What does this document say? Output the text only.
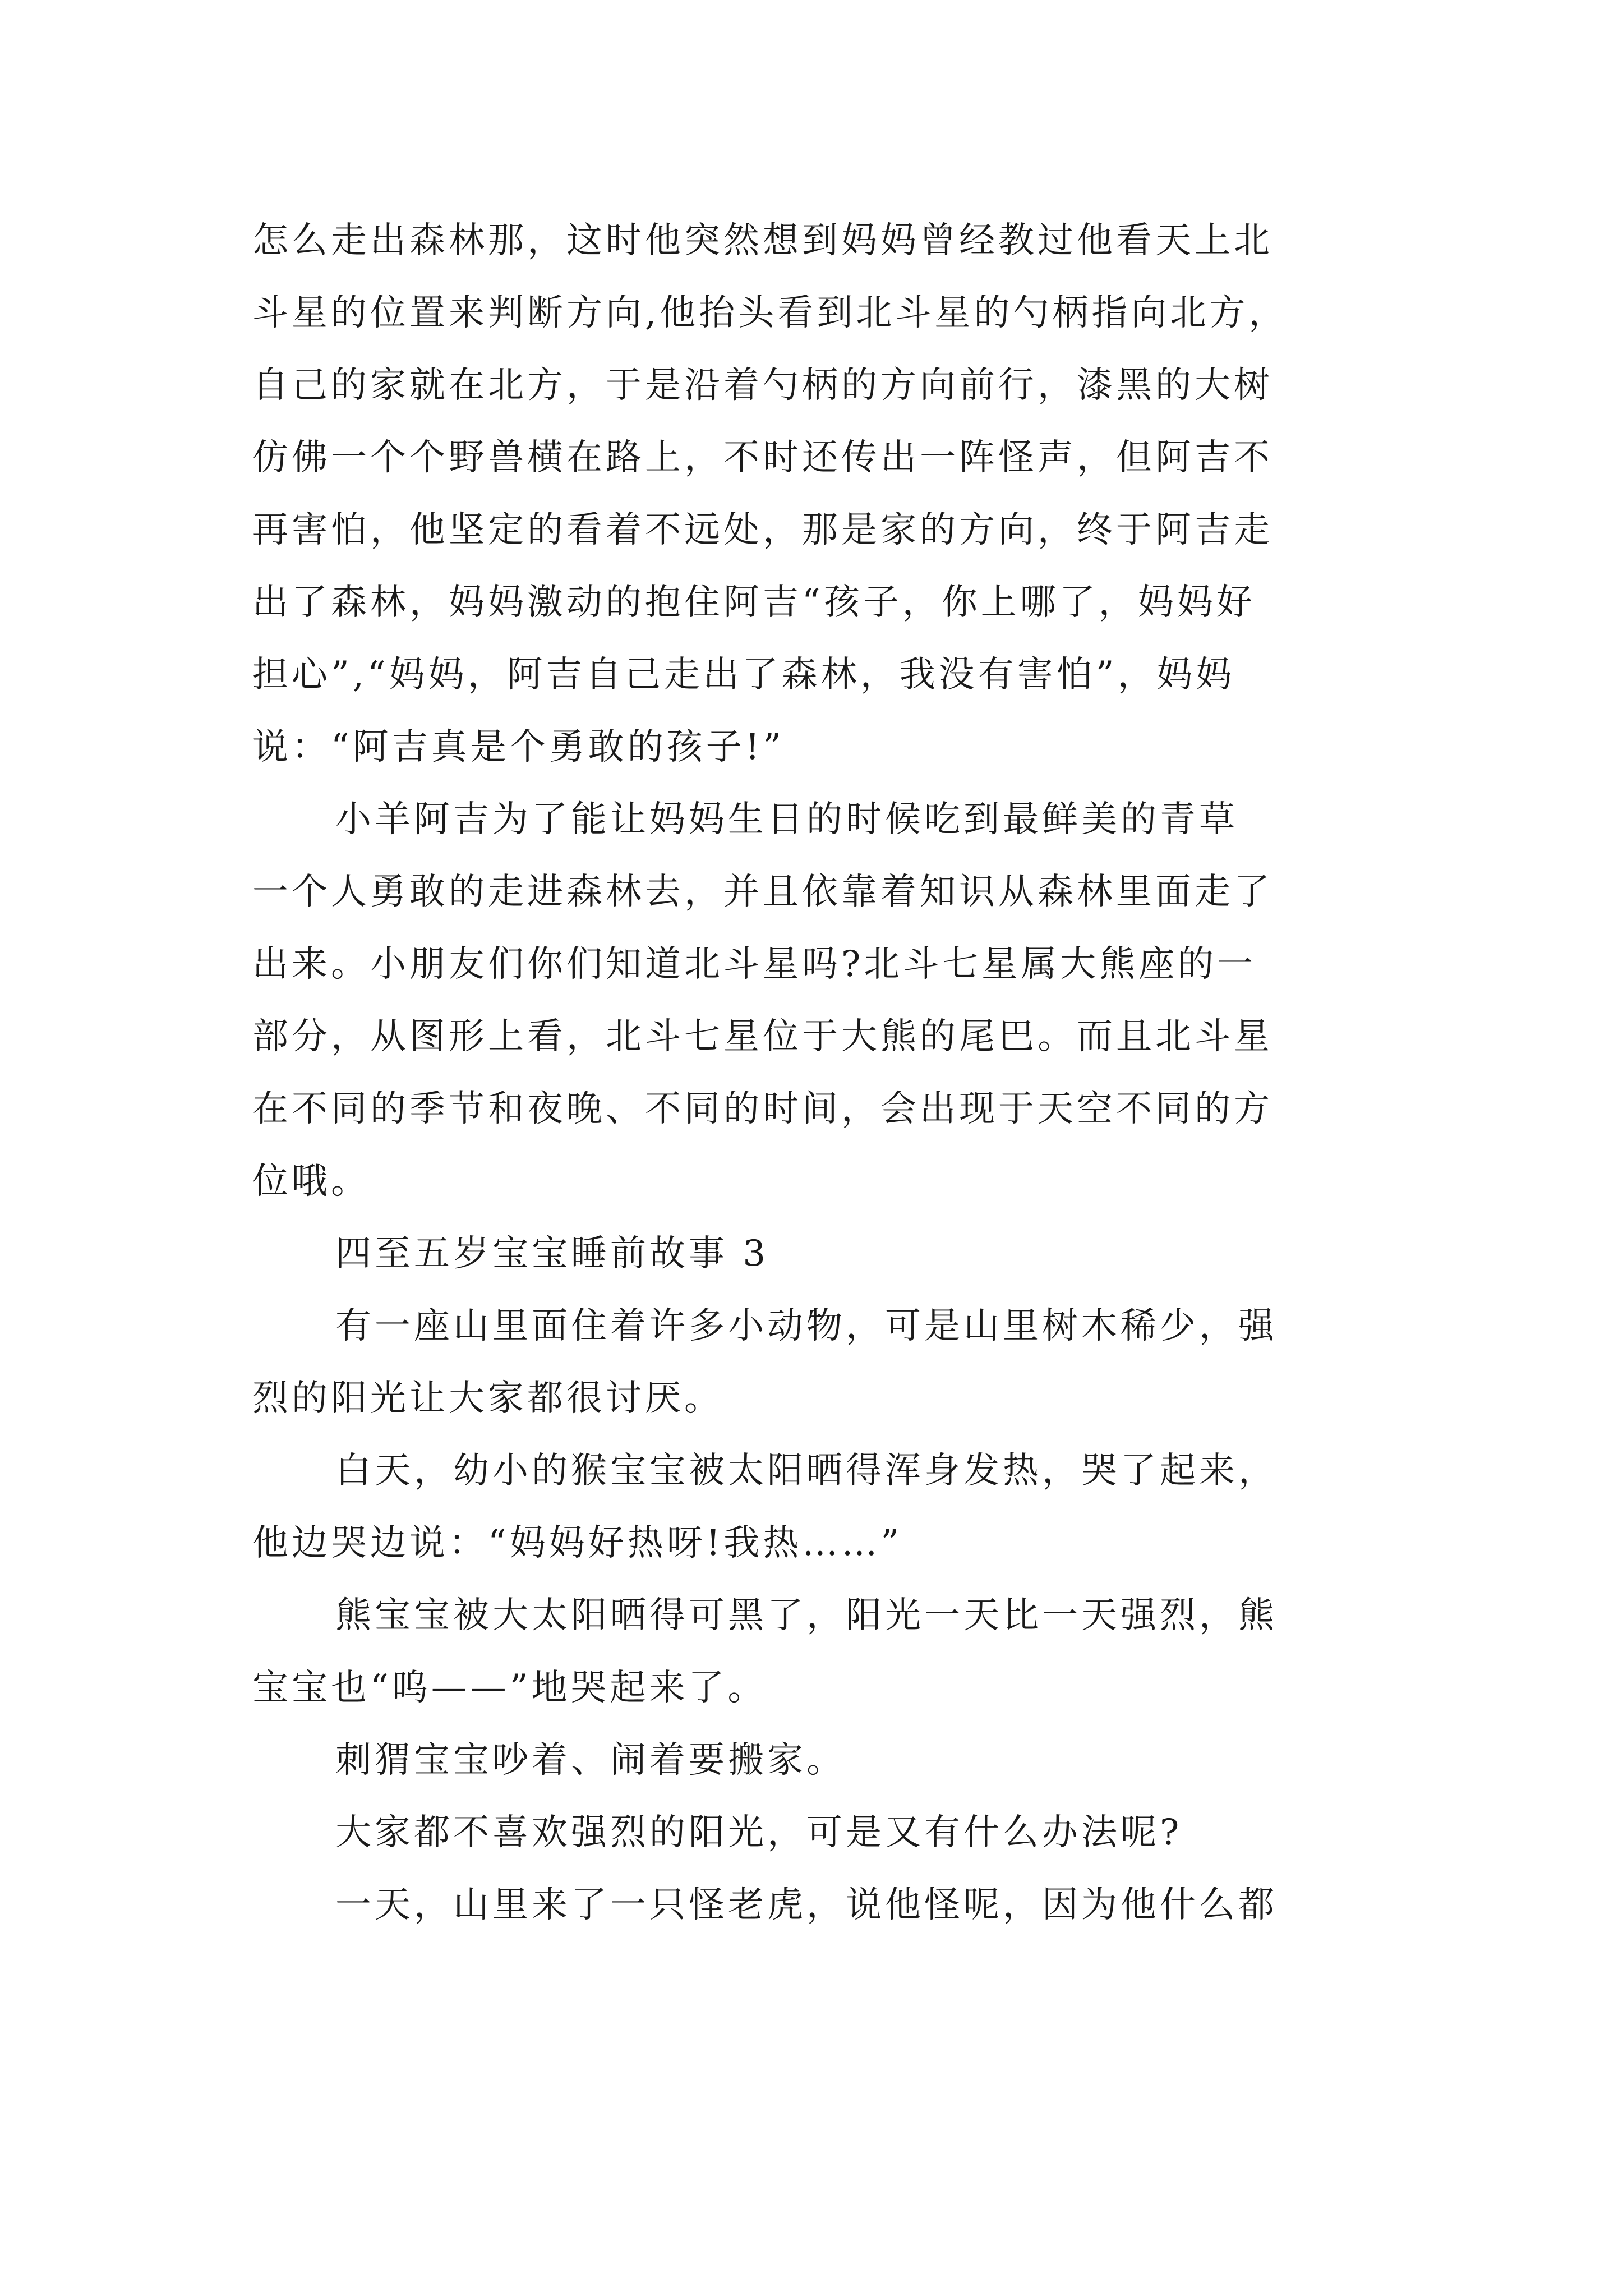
怎么走出森林那，这时他突然想到妈妈曾经教过他看天上北
斗星的位置来判断方向,他抬头看到北斗星的勺柄指向北方，
自己的家就在北方，于是沿着勺柄的方向前行，漆黑的大树
仿佛一个个野兽横在路上，不时还传出一阵怪声，但阿吉不
再害怕，他坚定的看着不远处，那是家的方向，终于阿吉走
出了森林，妈妈激动的抱住阿吉“孩子，你上哪了，妈妈好
担心”,“妈妈，阿吉自己走出了森林，我没有害怕”，妈妈
说：“阿吉真是个勇敢的孩子!”
小羊阿吉为了能让妈妈生日的时候吃到最鲜美的青草
一个人勇敢的走进森林去，并且依靠着知识从森林里面走了
出来。小朋友们你们知道北斗星吗?北斗七星属大熊座的一
部分，从图形上看，北斗七星位于大熊的尾巴。而且北斗星
在不同的季节和夜晚、不同的时间，会出现于天空不同的方
位哦。
四至五岁宝宝睡前故事 3
有一座山里面住着许多小动物，可是山里树木稀少，强
烈的阳光让大家都很讨厌。
白天，幼小的猴宝宝被太阳晒得浑身发热，哭了起来，
他边哭边说：“妈妈好热呀!我热……”
熊宝宝被大太阳晒得可黑了，阳光一天比一天强烈，熊
宝宝也“呜——”地哭起来了。
刺猬宝宝吵着、闹着要搬家。
大家都不喜欢强烈的阳光，可是又有什么办法呢?
一天，山里来了一只怪老虎，说他怪呢，因为他什么都
